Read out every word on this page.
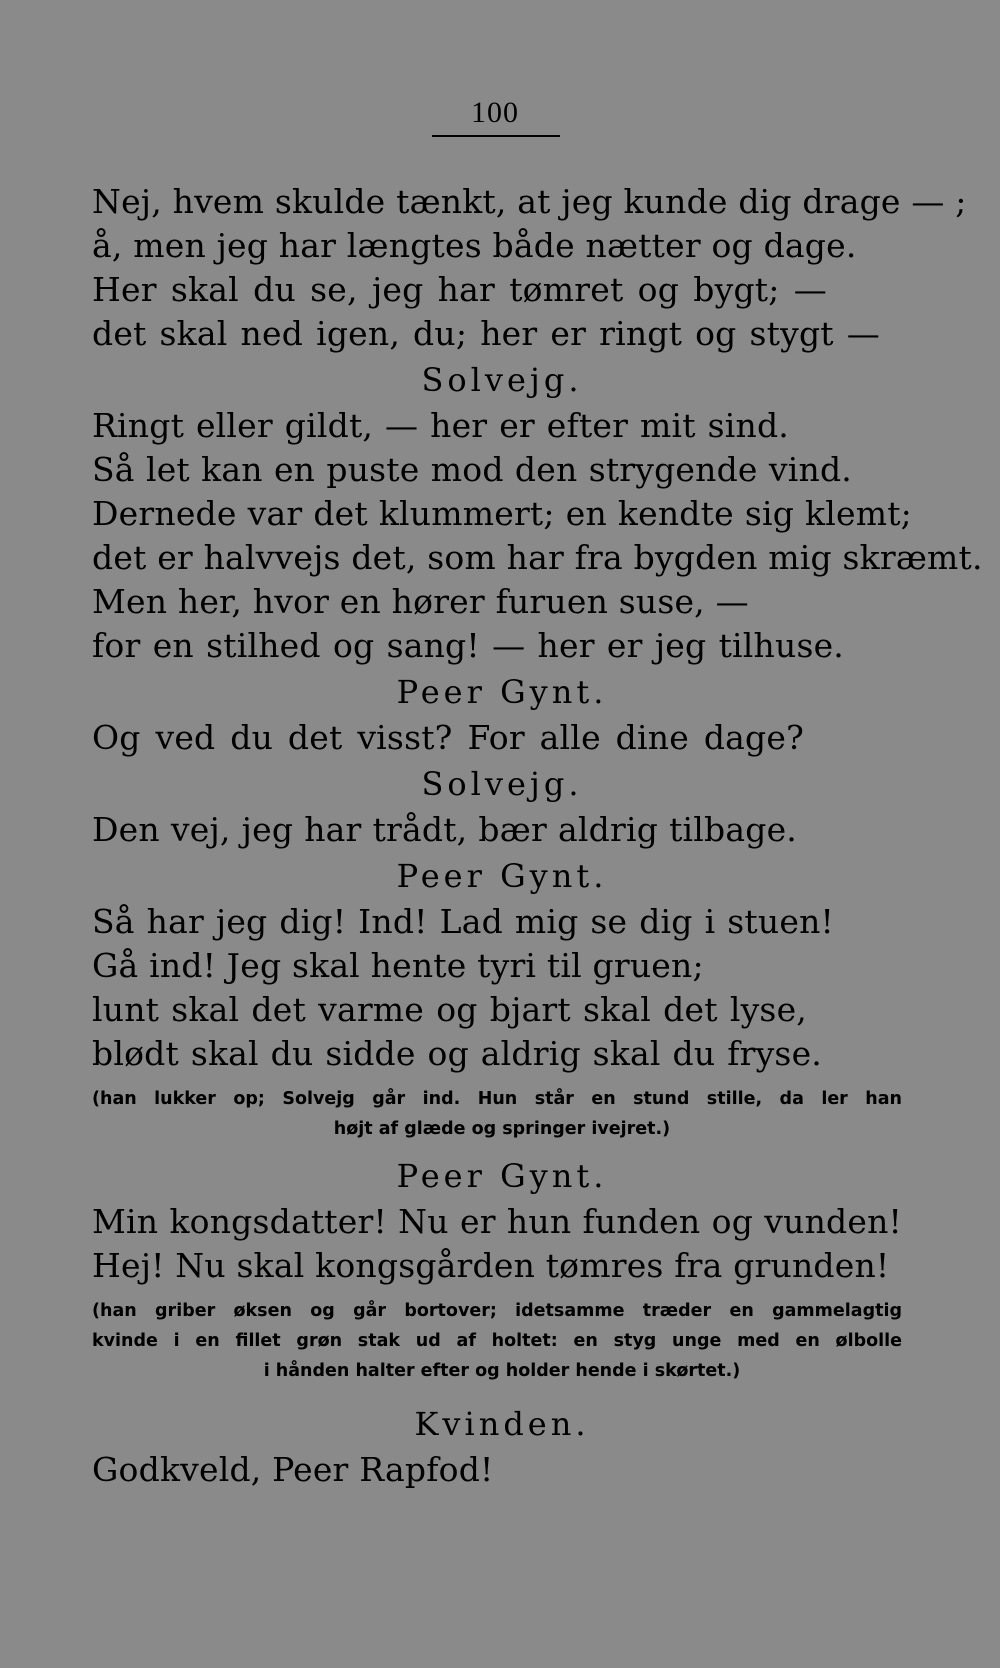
100
Nej, hvem skulde tænkt, at jeg kunde dig drage — ;
å, men jeg har længtes både nætter og dage.
Her skal du se, jeg har tømret og bygt; —
det skal ned igen, du; her er ringt og stygt —
Solvejg.
Ringt eller gildt, — her er efter mit sind.
Så let kan en puste mod den strygende vind.
Dernede var det klummert; en kendte sig klemt;
det er halvvejs det, som har fra bygden mig skræmt.
Men her, hvor en hører furuen suse, —
for en stilhed og sang! — her er jeg tilhuse.
Peer Gynt.
Og ved du det visst? For alle dine dage?
Solvejg.
Den vej, jeg har trådt, bær aldrig tilbage.
Peer Gynt.
Så har jeg dig! Ind! Lad mig se dig i stuen!
Gå ind! Jeg skal hente tyri til gruen;
lunt skal det varme og bjart skal det lyse,
blødt skal du sidde og aldrig skal du fryse.
(han lukker op; Solvejg går ind. Hun står en stund stille, da ler han
højt af glæde og springer ivejret.)
Peer Gynt.
Min kongsdatter! Nu er hun funden og vunden!
Hej! Nu skal kongsgården tømres fra grunden!
(han griber øksen og går bortover; idetsamme træder en gammelagtig
kvinde i en fillet grøn stak ud af holtet: en styg unge med en ølbolle
i hånden halter efter og holder hende i skørtet.)
Kvinden.
Godkveld, Peer Rapfod!
